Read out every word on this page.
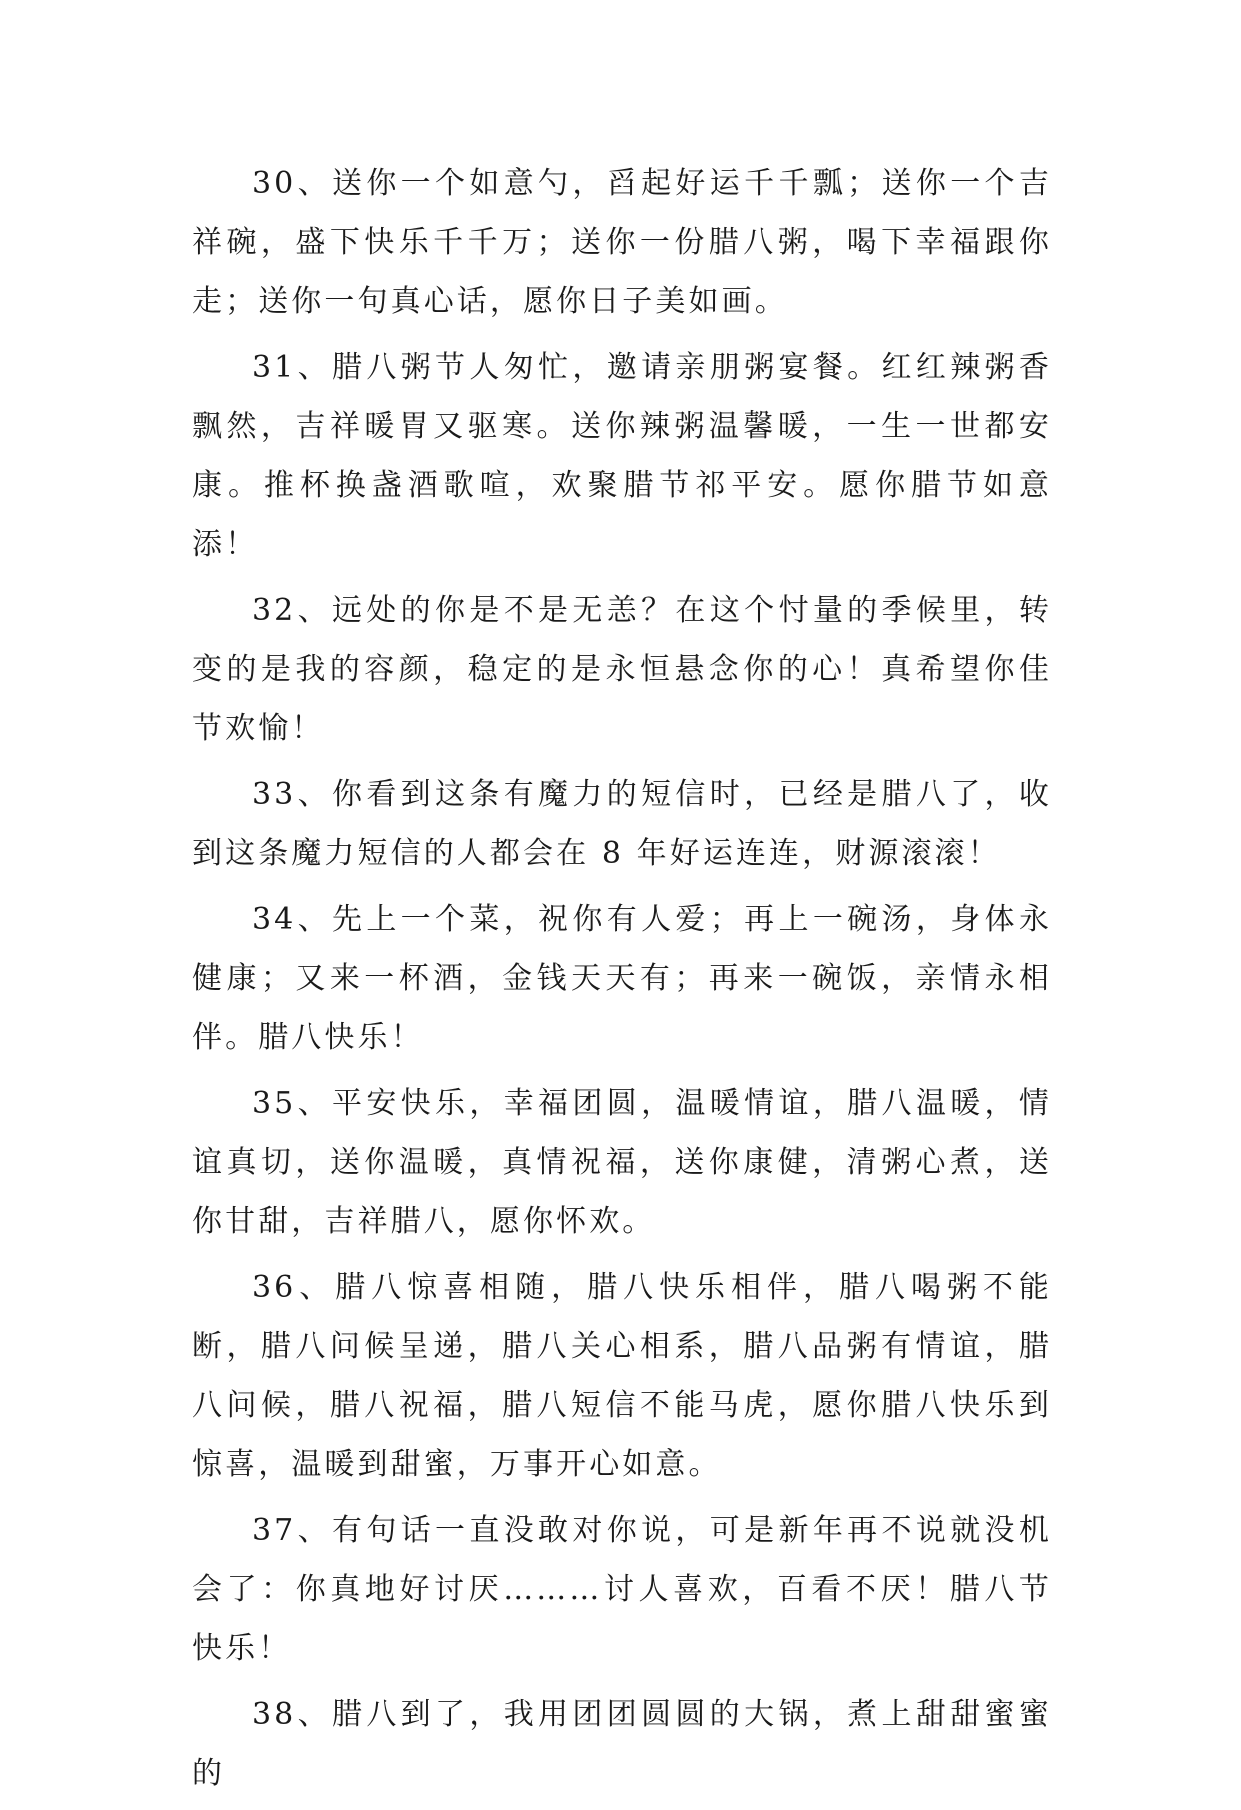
30、送你一个如意勺，舀起好运千千瓢；送你一个吉祥碗，盛下快乐千千万；送你一份腊八粥，喝下幸福跟你走；送你一句真心话，愿你日子美如画。

31、腊八粥节人匆忙，邀请亲朋粥宴餐。红红辣粥香飘然，吉祥暖胃又驱寒。送你辣粥温馨暖，一生一世都安康。推杯换盏酒歌喧，欢聚腊节祁平安。愿你腊节如意添！

32、远处的你是不是无恙？在这个忖量的季候里，转变的是我的容颜，稳定的是永恒悬念你的心！真希望你佳节欢愉！

33、你看到这条有魔力的短信时，已经是腊八了，收到这条魔力短信的人都会在 8 年好运连连，财源滚滚！

34、先上一个菜，祝你有人爱；再上一碗汤，身体永健康；又来一杯酒，金钱天天有；再来一碗饭，亲情永相伴。腊八快乐！

35、平安快乐，幸福团圆，温暖情谊，腊八温暖，情谊真切，送你温暖，真情祝福，送你康健，清粥心煮，送你甘甜，吉祥腊八，愿你怀欢。

36、腊八惊喜相随，腊八快乐相伴，腊八喝粥不能断，腊八问候呈递，腊八关心相系，腊八品粥有情谊，腊八问候，腊八祝福，腊八短信不能马虎，愿你腊八快乐到惊喜，温暖到甜蜜，万事开心如意。

37、有句话一直没敢对你说，可是新年再不说就没机会了：你真地好讨厌………讨人喜欢，百看不厌！腊八节快乐！

38、腊八到了，我用团团圆圆的大锅，煮上甜甜蜜蜜的
